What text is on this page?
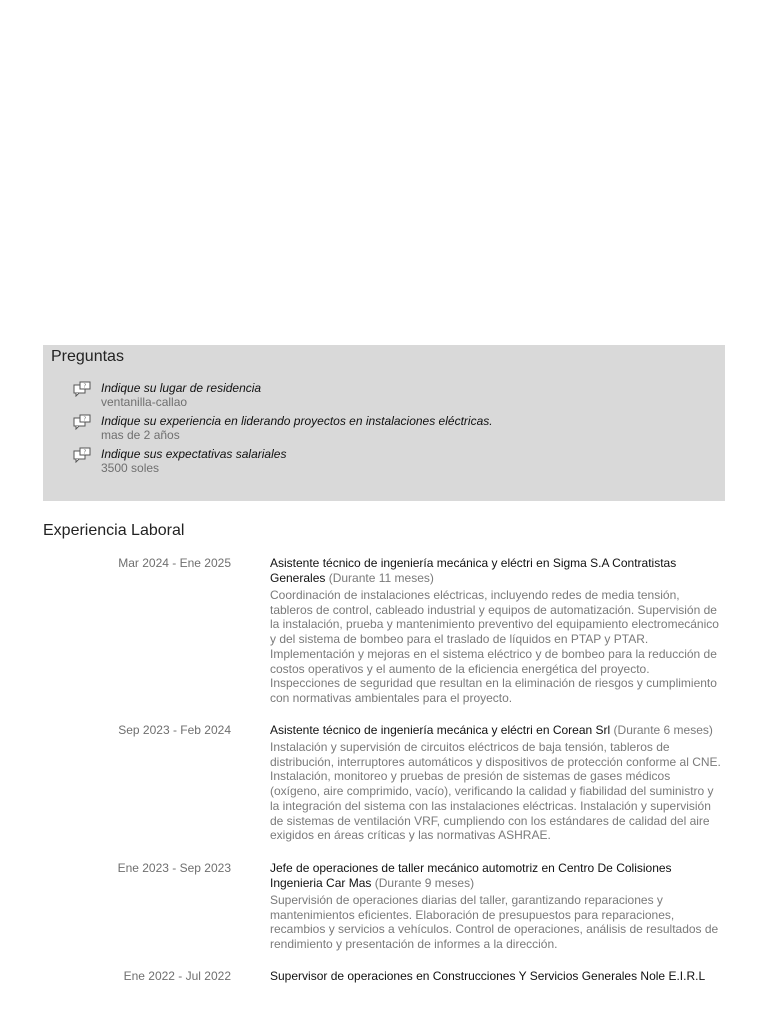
Preguntas
? Indique su lugar de residencia
ventanilla-callao
? Indique su experiencia en liderando proyectos en instalaciones eléctricas.
mas de 2 años
? Indique sus expectativas salariales
3500 soles
Experiencia Laboral
Mar 2024 - Ene 2025	Asistente técnico de ingeniería mecánica y eléctri en Sigma S.A Contratistas Generales (Durante 11 meses)
Coordinación de instalaciones eléctricas, incluyendo redes de media tensión, tableros de control, cableado industrial y equipos de automatización. Supervisión de la instalación, prueba y mantenimiento preventivo del equipamiento electromecánico y del sistema de bombeo para el traslado de líquidos en PTAP y PTAR. Implementación y mejoras en el sistema eléctrico y de bombeo para la reducción de costos operativos y el aumento de la eficiencia energética del proyecto. Inspecciones de seguridad que resultan en la eliminación de riesgos y cumplimiento con normativas ambientales para el proyecto.
Sep 2023 - Feb 2024	Asistente técnico de ingeniería mecánica y eléctri en Corean Srl (Durante 6 meses)
Instalación y supervisión de circuitos eléctricos de baja tensión, tableros de distribución, interruptores automáticos y dispositivos de protección conforme al CNE. Instalación, monitoreo y pruebas de presión de sistemas de gases médicos (oxígeno, aire comprimido, vacío), verificando la calidad y fiabilidad del suministro y la integración del sistema con las instalaciones eléctricas. Instalación y supervisión de sistemas de ventilación VRF, cumpliendo con los estándares de calidad del aire exigidos en áreas críticas y las normativas ASHRAE.
Ene 2023 - Sep 2023	Jefe de operaciones de taller mecánico automotriz en Centro De Colisiones Ingenieria Car Mas (Durante 9 meses)
Supervisión de operaciones diarias del taller, garantizando reparaciones y mantenimientos eficientes. Elaboración de presupuestos para reparaciones, recambios y servicios a vehículos. Control de operaciones, análisis de resultados de rendimiento y presentación de informes a la dirección.
Ene 2022 - Jul 2022	Supervisor de operaciones en Construcciones Y Servicios Generales Nole E.I.R.L
